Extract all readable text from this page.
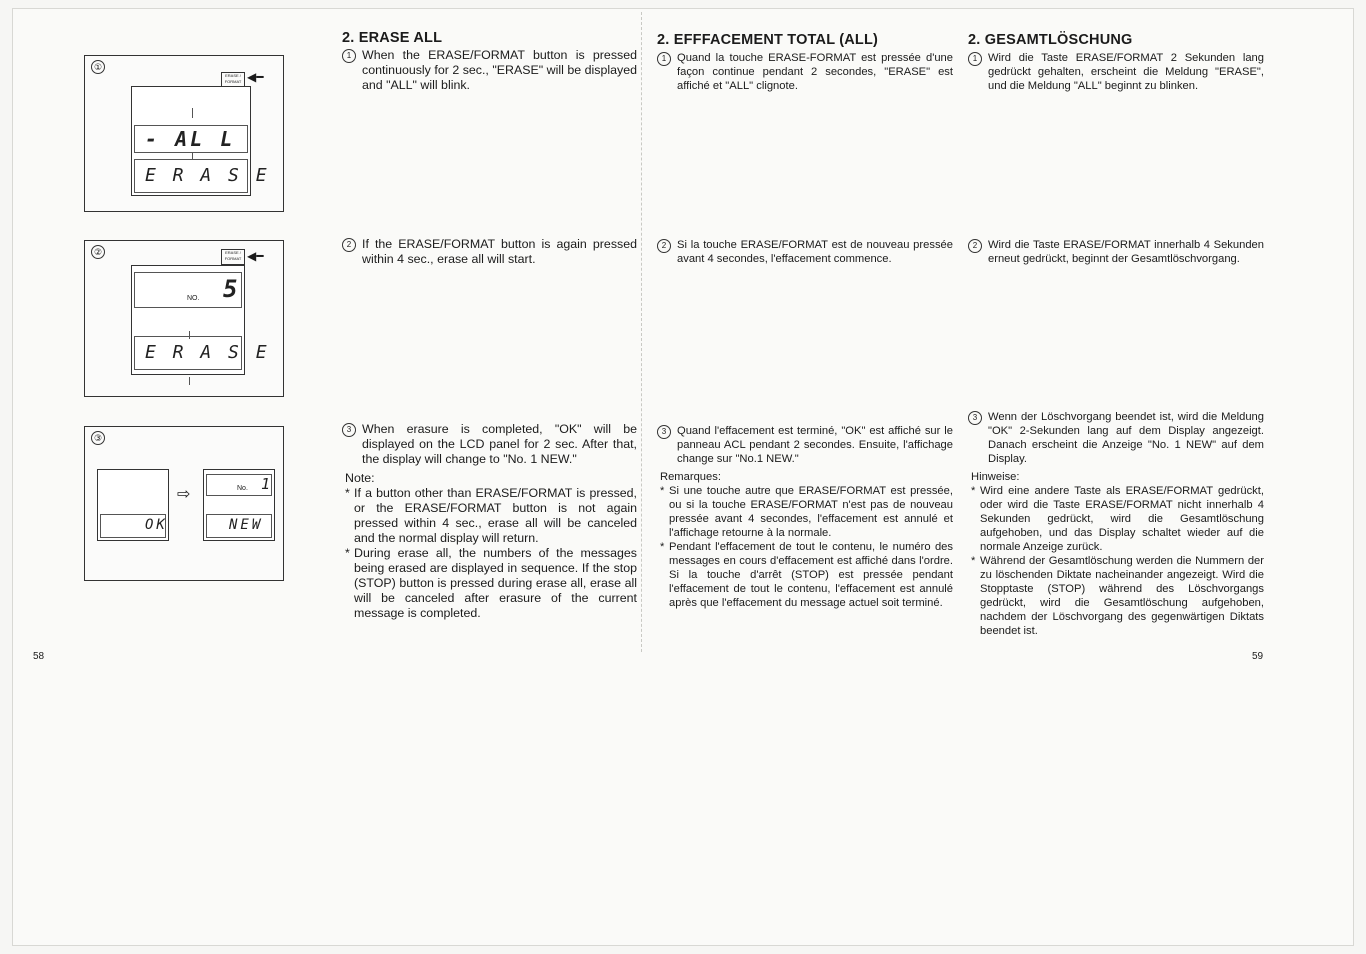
①
ERASE / FORMAT ◀━
- AL L
E R A S E
②	ERASE / FORMAT ◀━
NO. 5
E R A S E
③
OK
⇨	No. 1
NEW
2. ERASE ALL
1 When the ERASE/FORMAT button is pressed continuously for 2 sec., "ERASE" will be displayed and "ALL" will blink.
2 If the ERASE/FORMAT button is again pressed within 4 sec., erase all will start.
3 When erasure is completed, "OK" will be displayed on the LCD panel for 2 sec. After that, the display will change to "No. 1 NEW."
Note:
* If a button other than ERASE/FORMAT is pressed, or the ERASE/FORMAT button is not again pressed within 4 sec., erase all will be canceled and the normal display will return.
* During erase all, the numbers of the messages being erased are displayed in sequence. If the stop (STOP) button is pressed during erase all, erase all will be canceled after erasure of the current message is completed.
2. EFFFACEMENT TOTAL (ALL)
1 Quand la touche ERASE-FORMAT est pressée d'une façon continue pendant 2 secondes, "ERASE" est affiché et "ALL" clignote.
2 Si la touche ERASE/FORMAT est de nouveau pressée avant 4 secondes, l'effacement commence.
3 Quand l'effacement est terminé, "OK" est affiché sur le panneau ACL pendant 2 secondes. Ensuite, l'affichage change sur "No.1 NEW."
Remarques:
* Si une touche autre que ERASE/FORMAT est pressée, ou si la touche ERASE/FORMAT n'est pas de nouveau pressée avant 4 secondes, l'effacement est annulé et l'affichage retourne à la normale.
* Pendant l'effacement de tout le contenu, le numéro des messages en cours d'effacement est affiché dans l'ordre. Si la touche d'arrêt (STOP) est pressée pendant l'effacement de tout le contenu, l'effacement est annulé après que l'effacement du message actuel soit terminé.
2. GESAMTLÖSCHUNG
1 Wird die Taste ERASE/FORMAT 2 Sekunden lang gedrückt gehalten, erscheint die Meldung "ERASE", und die Meldung "ALL" beginnt zu blinken.
2 Wird die Taste ERASE/FORMAT innerhalb 4 Sekunden erneut gedrückt, beginnt der Gesamtlöschvorgang.
3 Wenn der Löschvorgang beendet ist, wird die Meldung "OK" 2-Sekunden lang auf dem Display angezeigt. Danach erscheint die Anzeige "No. 1 NEW" auf dem Display.
Hinweise:
* Wird eine andere Taste als ERASE/FORMAT gedrückt, oder wird die Taste ERASE/FORMAT nicht innerhalb 4 Sekunden gedrückt, wird die Gesamtlöschung aufgehoben, und das Display schaltet wieder auf die normale Anzeige zurück.
* Während der Gesamtlöschung werden die Nummern der zu löschenden Diktate nacheinander angezeigt. Wird die Stopptaste (STOP) während des Löschvorgangs gedrückt, wird die Gesamtlöschung aufgehoben, nachdem der Löschvorgang des gegenwärtigen Diktats beendet ist.
58	59
